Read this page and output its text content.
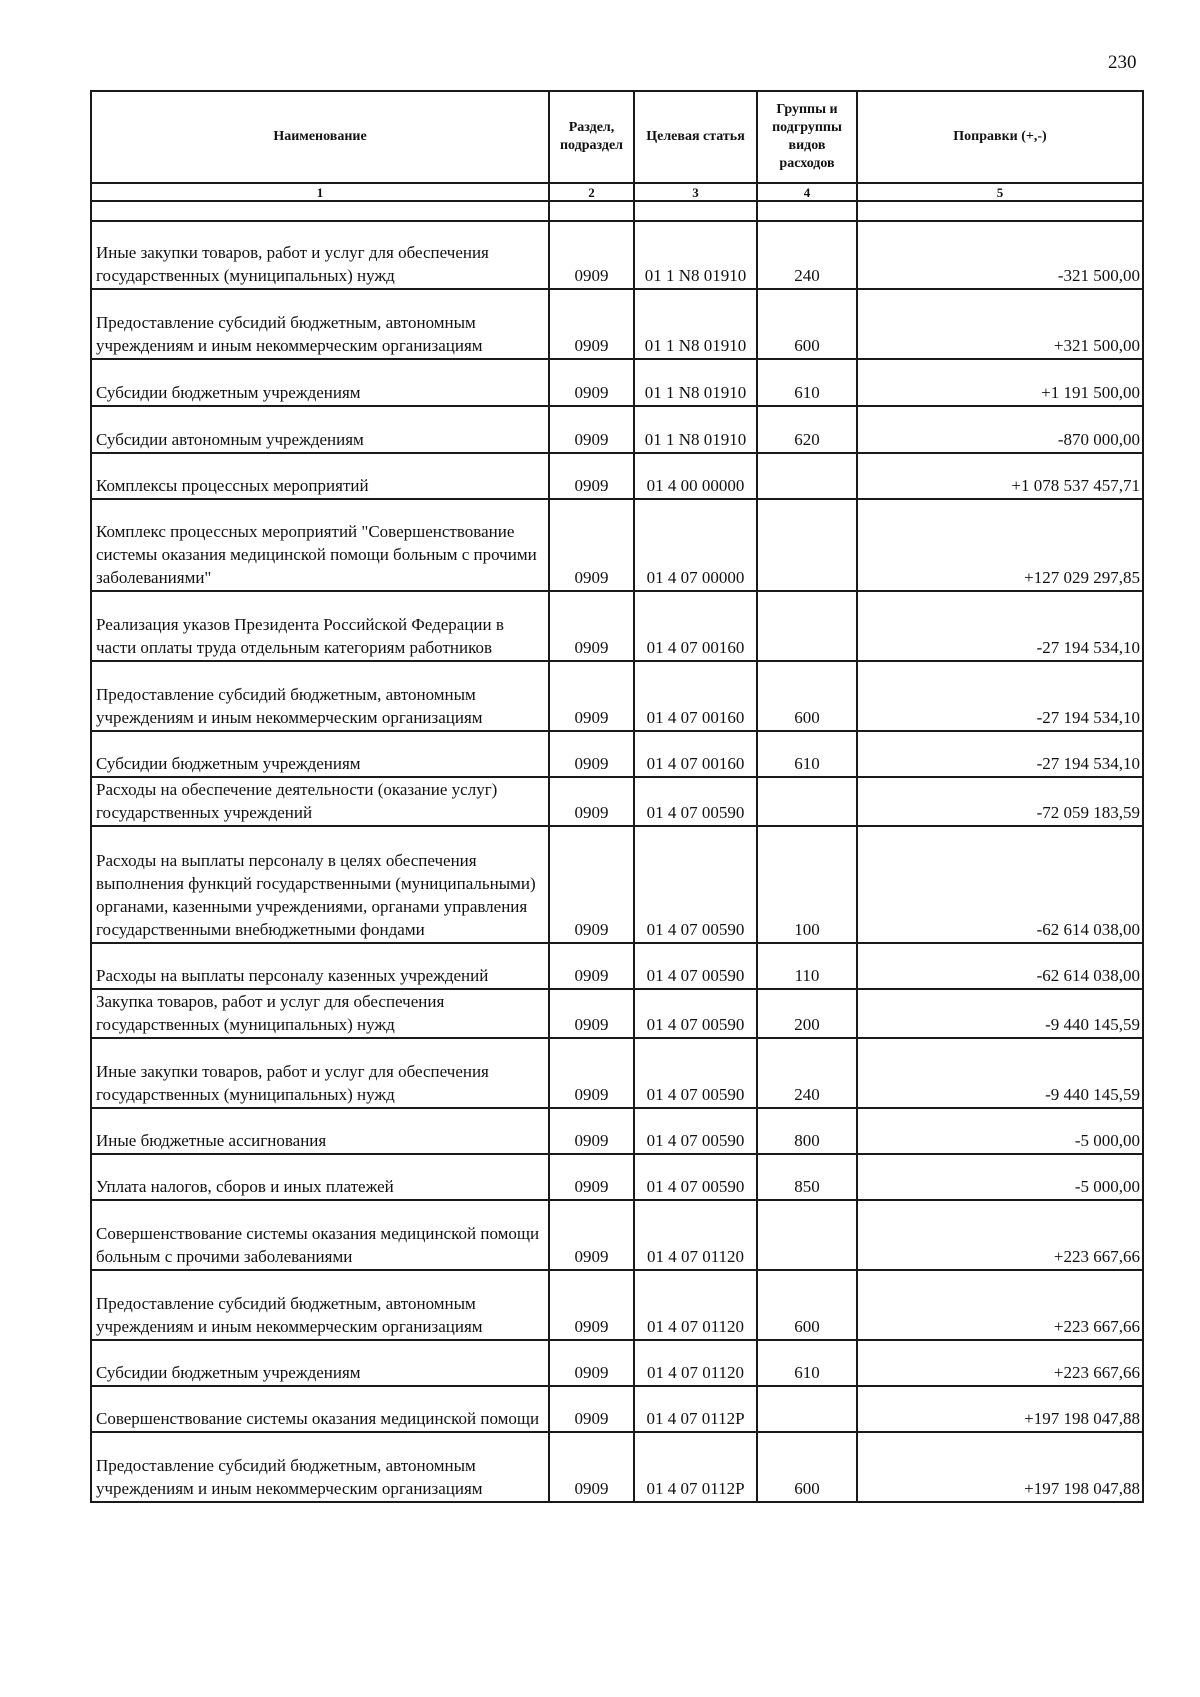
230
Наименование	Раздел, подраздел	Целевая статья	Группы и подгруппы видов расходов	Поправки (+,-)
1	2	3	4	5

Иные закупки товаров, работ и услуг для обеспечения государственных (муниципальных) нужд	0909	01 1 N8 01910	240	-321 500,00
Предоставление субсидий бюджетным, автономным учреждениям и иным некоммерческим организациям	0909	01 1 N8 01910	600	+321 500,00
Субсидии бюджетным учреждениям	0909	01 1 N8 01910	610	+1 191 500,00
Субсидии автономным учреждениям	0909	01 1 N8 01910	620	-870 000,00
Комплексы процессных мероприятий	0909	01 4 00 00000		+1 078 537 457,71
Комплекс процессных мероприятий "Совершенствование системы оказания медицинской помощи больным с прочими заболеваниями"	0909	01 4 07 00000		+127 029 297,85
Реализация указов Президента Российской Федерации в части оплаты труда отдельным категориям работников	0909	01 4 07 00160		-27 194 534,10
Предоставление субсидий бюджетным, автономным учреждениям и иным некоммерческим организациям	0909	01 4 07 00160	600	-27 194 534,10
Субсидии бюджетным учреждениям	0909	01 4 07 00160	610	-27 194 534,10
Расходы на обеспечение деятельности (оказание услуг) государственных учреждений	0909	01 4 07 00590		-72 059 183,59
Расходы на выплаты персоналу в целях обеспечения выполнения функций государственными (муниципальными) органами, казенными учреждениями, органами управления государственными внебюджетными фондами	0909	01 4 07 00590	100	-62 614 038,00
Расходы на выплаты персоналу казенных учреждений	0909	01 4 07 00590	110	-62 614 038,00
Закупка товаров, работ и услуг для обеспечения государственных (муниципальных) нужд	0909	01 4 07 00590	200	-9 440 145,59
Иные закупки товаров, работ и услуг для обеспечения государственных (муниципальных) нужд	0909	01 4 07 00590	240	-9 440 145,59
Иные бюджетные ассигнования	0909	01 4 07 00590	800	-5 000,00
Уплата налогов, сборов и иных платежей	0909	01 4 07 00590	850	-5 000,00
Совершенствование системы оказания медицинской помощи больным с прочими заболеваниями	0909	01 4 07 01120		+223 667,66
Предоставление субсидий бюджетным, автономным учреждениям и иным некоммерческим организациям	0909	01 4 07 01120	600	+223 667,66
Субсидии бюджетным учреждениям	0909	01 4 07 01120	610	+223 667,66
Совершенствование системы оказания медицинской помощи	0909	01 4 07 0112P		+197 198 047,88
Предоставление субсидий бюджетным, автономным учреждениям и иным некоммерческим организациям	0909	01 4 07 0112P	600	+197 198 047,88
